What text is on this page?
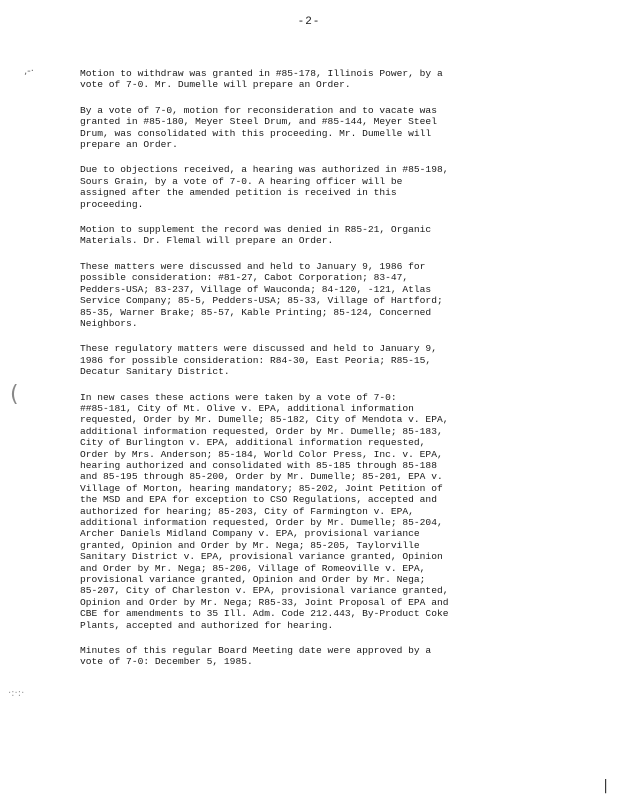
-2-
,-·
(
·:·:·
|
Motion to withdraw was granted in #85-178, Illinois Power, by a
vote of 7-0. Mr. Dumelle will prepare an Order.
By a vote of 7-0, motion for reconsideration and to vacate was
granted in #85-180, Meyer Steel Drum, and #85-144, Meyer Steel
Drum, was consolidated with this proceeding. Mr. Dumelle will
prepare an Order.
Due to objections received, a hearing was authorized in #85-198,
Sours Grain, by a vote of 7-0. A hearing officer will be
assigned after the amended petition is received in this
proceeding.
Motion to supplement the record was denied in R85-21, Organic
Materials. Dr. Flemal will prepare an Order.
These matters were discussed and held to January 9, 1986 for
possible consideration: #81-27, Cabot Corporation; 83-47,
Pedders-USA; 83-237, Village of Wauconda; 84-120, -121, Atlas
Service Company; 85-5, Pedders-USA; 85-33, Village of Hartford;
85-35, Warner Brake; 85-57, Kable Printing; 85-124, Concerned
Neighbors.
These regulatory matters were discussed and held to January 9,
1986 for possible consideration: R84-30, East Peoria; R85-15,
Decatur Sanitary District.
In new cases these actions were taken by a vote of 7-0:
##85-181, City of Mt. Olive v. EPA, additional information
requested, Order by Mr. Dumelle; 85-182, City of Mendota v. EPA,
additional information requested, Order by Mr. Dumelle; 85-183,
City of Burlington v. EPA, additional information requested,
Order by Mrs. Anderson; 85-184, World Color Press, Inc. v. EPA,
hearing authorized and consolidated with 85-185 through 85-188
and 85-195 through 85-200, Order by Mr. Dumelle; 85-201, EPA v.
Village of Morton, hearing mandatory; 85-202, Joint Petition of
the MSD and EPA for exception to CSO Regulations, accepted and
authorized for hearing; 85-203, City of Farmington v. EPA,
additional information requested, Order by Mr. Dumelle; 85-204,
Archer Daniels Midland Company v. EPA, provisional variance
granted, Opinion and Order by Mr. Nega; 85-205, Taylorville
Sanitary District v. EPA, provisional variance granted, Opinion
and Order by Mr. Nega; 85-206, Village of Romeoville v. EPA,
provisional variance granted, Opinion and Order by Mr. Nega;
85-207, City of Charleston v. EPA, provisional variance granted,
Opinion and Order by Mr. Nega; R85-33, Joint Proposal of EPA and
CBE for amendments to 35 Ill. Adm. Code 212.443, By-Product Coke
Plants, accepted and authorized for hearing.
Minutes of this regular Board Meeting date were approved by a
vote of 7-0: December 5, 1985.
